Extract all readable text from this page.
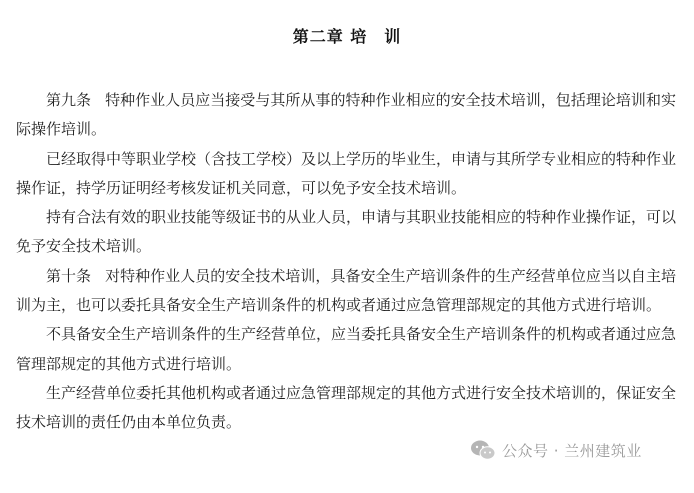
第二章 培　训

第九条 特种作业人员应当接受与其所从事的特种作业相应的安全技术培训，包括理论培训和实际操作培训。

已经取得中等职业学校（含技工学校）及以上学历的毕业生，申请与其所学专业相应的特种作业操作证，持学历证明经考核发证机关同意，可以免予安全技术培训。

持有合法有效的职业技能等级证书的从业人员，申请与其职业技能相应的特种作业操作证，可以免予安全技术培训。

第十条 对特种作业人员的安全技术培训，具备安全生产培训条件的生产经营单位应当以自主培训为主，也可以委托具备安全生产培训条件的机构或者通过应急管理部规定的其他方式进行培训。

不具备安全生产培训条件的生产经营单位，应当委托具备安全生产培训条件的机构或者通过应急管理部规定的其他方式进行培训。

生产经营单位委托其他机构或者通过应急管理部规定的其他方式进行安全技术培训的，保证安全技术培训的责任仍由本单位负责。

公众号 · 兰州建筑业
